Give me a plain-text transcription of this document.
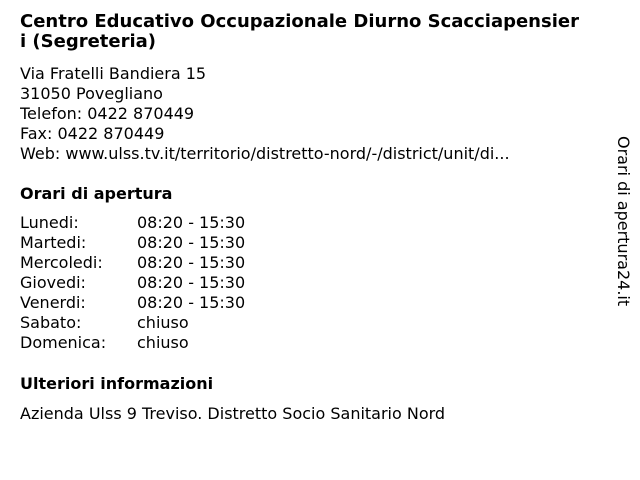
Centro Educativo Occupazionale Diurno Scacciapensieri (Segreteria)
Via Fratelli Bandiera 15
31050 Povegliano
Telefon: 0422 870449
Fax: 0422 870449
Web: www.ulss.tv.it/territorio/distretto-nord/-/district/unit/di...
Orari di apertura
Lunedi:	08:20 - 15:30
Martedi:	08:20 - 15:30
Mercoledi:	08:20 - 15:30
Giovedi:	08:20 - 15:30
Venerdi:	08:20 - 15:30
Sabato:	chiuso
Domenica:	chiuso
Ulteriori informazioni
Azienda Ulss 9 Treviso. Distretto Socio Sanitario Nord
Orari di apertura24.it
